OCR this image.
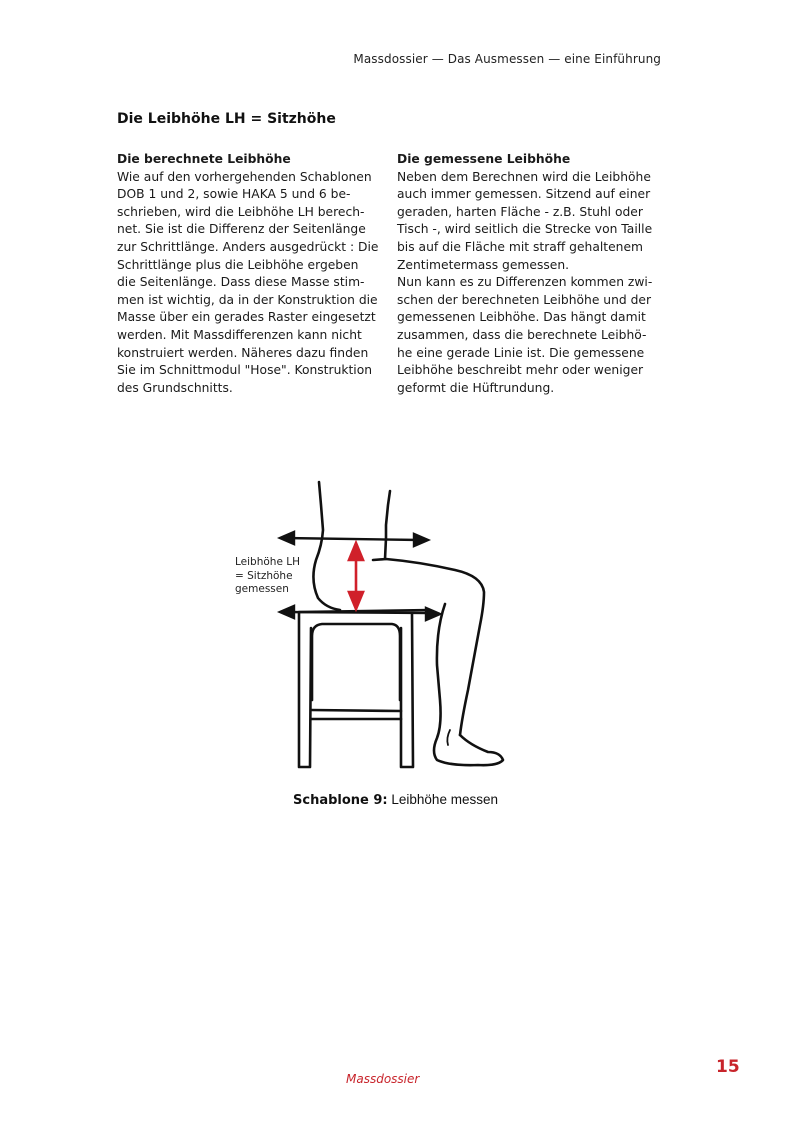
Massdossier — Das Ausmessen — eine Einführung
Die Leibhöhe LH = Sitzhöhe
Die berechnete Leibhöhe

Wie auf den vorhergehenden Schablonen
DOB 1 und 2, sowie HAKA 5 und 6 be-
schrieben, wird die Leibhöhe LH berech-
net. Sie ist die Differenz der Seitenlänge
zur Schrittlänge. Anders ausgedrückt : Die
Schrittlänge plus die Leibhöhe ergeben
die Seitenlänge. Dass diese Masse stim-
men ist wichtig, da in der Konstruktion die
Masse über ein gerades Raster eingesetzt
werden. Mit Massdifferenzen kann nicht
konstruiert werden. Näheres dazu finden
Sie im Schnittmodul "Hose". Konstruktion
des Grundschnitts.

Die gemessene Leibhöhe

Neben dem Berechnen wird die Leibhöhe
auch immer gemessen. Sitzend auf einer
geraden, harten Fläche - z.B. Stuhl oder
Tisch -, wird seitlich die Strecke von Taille
bis auf die Fläche mit straff gehaltenem
Zentimetermass gemessen.
Nun kann es zu Differenzen kommen zwi-
schen der berechneten Leibhöhe und der
gemessenen Leibhöhe. Das hängt damit
zusammen, dass die berechnete Leibhö-
he eine gerade Linie ist. Die gemessene
Leibhöhe beschreibt mehr oder weniger
geformt die Hüftrundung.

Leibhöhe LH
= Sitzhöhe
gemessen
Schablone 9: Leibhöhe messen
Massdossier
15
